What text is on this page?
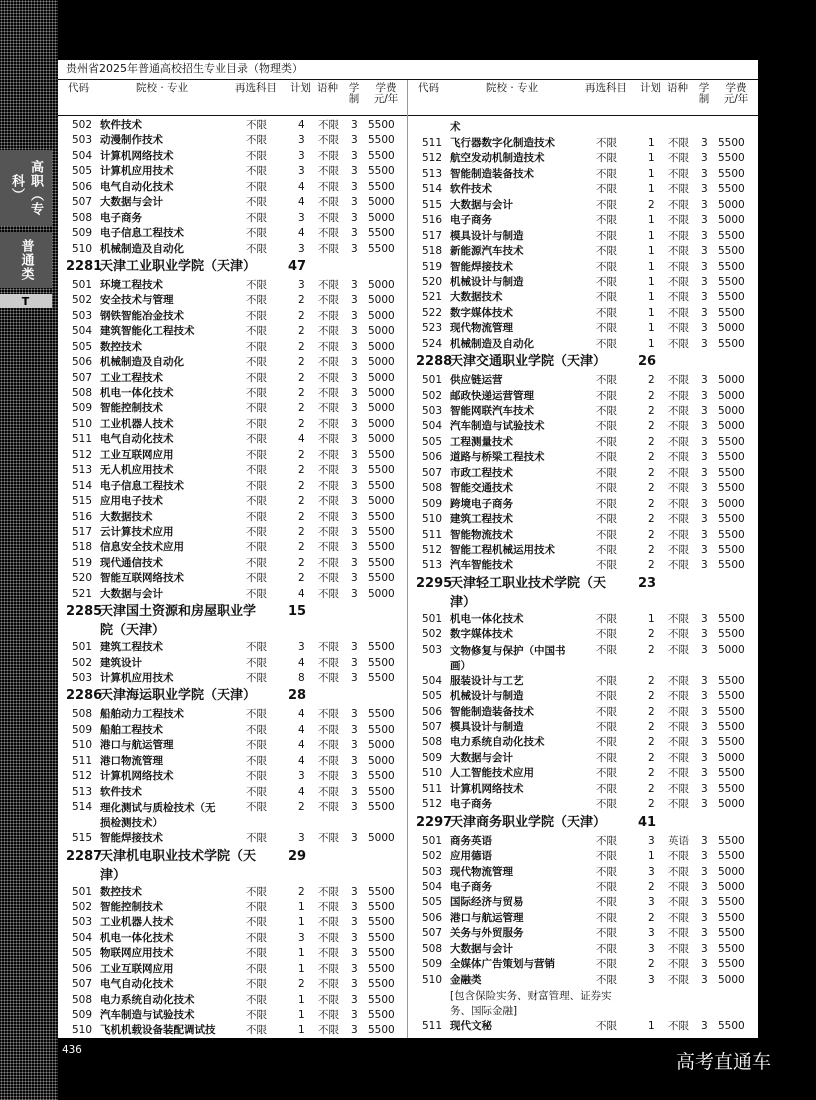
高职（专科）
普通类
T
贵州省2025年普通高校招生专业目录（物理类）
代码	院校 · 专业	再选科目 计划 语种 学
制
学费
元/年
502 软件技术	不限	4 不限 3 5500
503 动漫制作技术	不限	3 不限 3 5500
504 计算机网络技术	不限	3 不限 3 5500
505 计算机应用技术	不限	3 不限 3 5500
506 电气自动化技术	不限	4 不限 3 5500
507 大数据与会计	不限	4 不限 3 5000
508 电子商务	不限	3 不限 3 5000
509 电子信息工程技术	不限	4 不限 3 5500
510 机械制造及自动化	不限	3 不限 3 5500
2281
天津工业职业学院（天津） 47
501 环境工程技术	不限	3 不限 3 5000
502 安全技术与管理	不限	2 不限 3 5000
503 钢铁智能冶金技术	不限	2 不限 3 5000
504 建筑智能化工程技术	不限	2 不限 3 5000
505 数控技术	不限	2 不限 3 5000
506 机械制造及自动化	不限	2 不限 3 5000
507 工业工程技术	不限	2 不限 3 5000
508 机电一体化技术	不限	2 不限 3 5000
509 智能控制技术	不限	2 不限 3 5000
510 工业机器人技术	不限	2 不限 3 5000
511 电气自动化技术	不限	4 不限 3 5000
512 工业互联网应用	不限	2 不限 3 5500
513 无人机应用技术	不限	2 不限 3 5500
514 电子信息工程技术	不限	2 不限 3 5500
515 应用电子技术	不限	2 不限 3 5000
516 大数据技术	不限	2 不限 3 5500
517 云计算技术应用	不限	2 不限 3 5500
518 信息安全技术应用	不限	2 不限 3 5500
519 现代通信技术	不限	2 不限 3 5500
520 智能互联网络技术	不限	2 不限 3 5500
521 大数据与会计	不限	4 不限 3 5000
2285
天津国土资源和房屋职业学
院（天津）
15
501 建筑工程技术	不限	3 不限 3 5500
502 建筑设计	不限	4 不限 3 5500
503 计算机应用技术	不限	8 不限 3 5500
2286
天津海运职业学院（天津） 28
508 船舶动力工程技术	不限	4 不限 3 5500
509 船舶工程技术	不限	4 不限 3 5500
510 港口与航运管理	不限	4 不限 3 5000
511 港口物流管理	不限	4 不限 3 5000
512 计算机网络技术	不限	3 不限 3 5500
513 软件技术	不限	4 不限 3 5500
514 理化测试与质检技术（无
损检测技术）
不限	2 不限 3 5500
515 智能焊接技术	不限	3 不限 3 5000
2287
天津机电职业技术学院（天
津）
29
501 数控技术	不限	2 不限 3 5500
502 智能控制技术	不限	1 不限 3 5500
503 工业机器人技术	不限	1 不限 3 5500
504 机电一体化技术	不限	3 不限 3 5500
505 物联网应用技术	不限	1 不限 3 5500
506 工业互联网应用	不限	1 不限 3 5500
507 电气自动化技术	不限	2 不限 3 5500
508 电力系统自动化技术	不限	1 不限 3 5500
509 汽车制造与试验技术	不限	1 不限 3 5500
510 飞机机载设备装配调试技	不限	1 不限 3 5500
代码	院校 · 专业	再选科目 计划 语种 学
制
学费
元/年
术
511 飞行器数字化制造技术	不限	1 不限 3 5500
512 航空发动机制造技术	不限	1 不限 3 5500
513 智能制造装备技术	不限	1 不限 3 5500
514 软件技术	不限	1 不限 3 5500
515 大数据与会计	不限	2 不限 3 5000
516 电子商务	不限	1 不限 3 5000
517 模具设计与制造	不限	1 不限 3 5500
518 新能源汽车技术	不限	1 不限 3 5500
519 智能焊接技术	不限	1 不限 3 5500
520 机械设计与制造	不限	1 不限 3 5500
521 大数据技术	不限	1 不限 3 5500
522 数字媒体技术	不限	1 不限 3 5500
523 现代物流管理	不限	1 不限 3 5000
524 机械制造及自动化	不限	1 不限 3 5500
2288
天津交通职业学院（天津） 26
501 供应链运营	不限	2 不限 3 5000
502 邮政快递运营管理	不限	2 不限 3 5000
503 智能网联汽车技术	不限	2 不限 3 5000
504 汽车制造与试验技术	不限	2 不限 3 5000
505 工程测量技术	不限	2 不限 3 5500
506 道路与桥梁工程技术	不限	2 不限 3 5500
507 市政工程技术	不限	2 不限 3 5500
508 智能交通技术	不限	2 不限 3 5500
509 跨境电子商务	不限	2 不限 3 5000
510 建筑工程技术	不限	2 不限 3 5500
511 智能物流技术	不限	2 不限 3 5500
512 智能工程机械运用技术	不限	2 不限 3 5500
513 汽车智能技术	不限	2 不限 3 5500
2295
天津轻工职业技术学院（天
津）
23
501 机电一体化技术	不限	1 不限 3 5500
502 数字媒体技术	不限	2 不限 3 5500
503 文物修复与保护（中国书
画）
不限	2 不限 3 5000
504 服装设计与工艺	不限	2 不限 3 5500
505 机械设计与制造	不限	2 不限 3 5500
506 智能制造装备技术	不限	2 不限 3 5500
507 模具设计与制造	不限	2 不限 3 5500
508 电力系统自动化技术	不限	2 不限 3 5500
509 大数据与会计	不限	2 不限 3 5000
510 人工智能技术应用	不限	2 不限 3 5500
511 计算机网络技术	不限	2 不限 3 5500
512 电子商务	不限	2 不限 3 5000
2297
天津商务职业学院（天津） 41
501 商务英语	不限	3 英语 3 5500
502 应用德语	不限	1 不限 3 5500
503 现代物流管理	不限	3 不限 3 5000
504 电子商务	不限	2 不限 3 5000
505 国际经济与贸易	不限	3 不限 3 5500
506 港口与航运管理	不限	2 不限 3 5500
507 关务与外贸服务	不限	3 不限 3 5500
508 大数据与会计	不限	3 不限 3 5500
509 全媒体广告策划与营销	不限	2 不限 3 5500
510 金融类	不限	3 不限 3 5000
[包含保险实务、财富管理、证券实
务、国际金融]
511 现代文秘	不限	1 不限 3 5500
436
高考直通车
